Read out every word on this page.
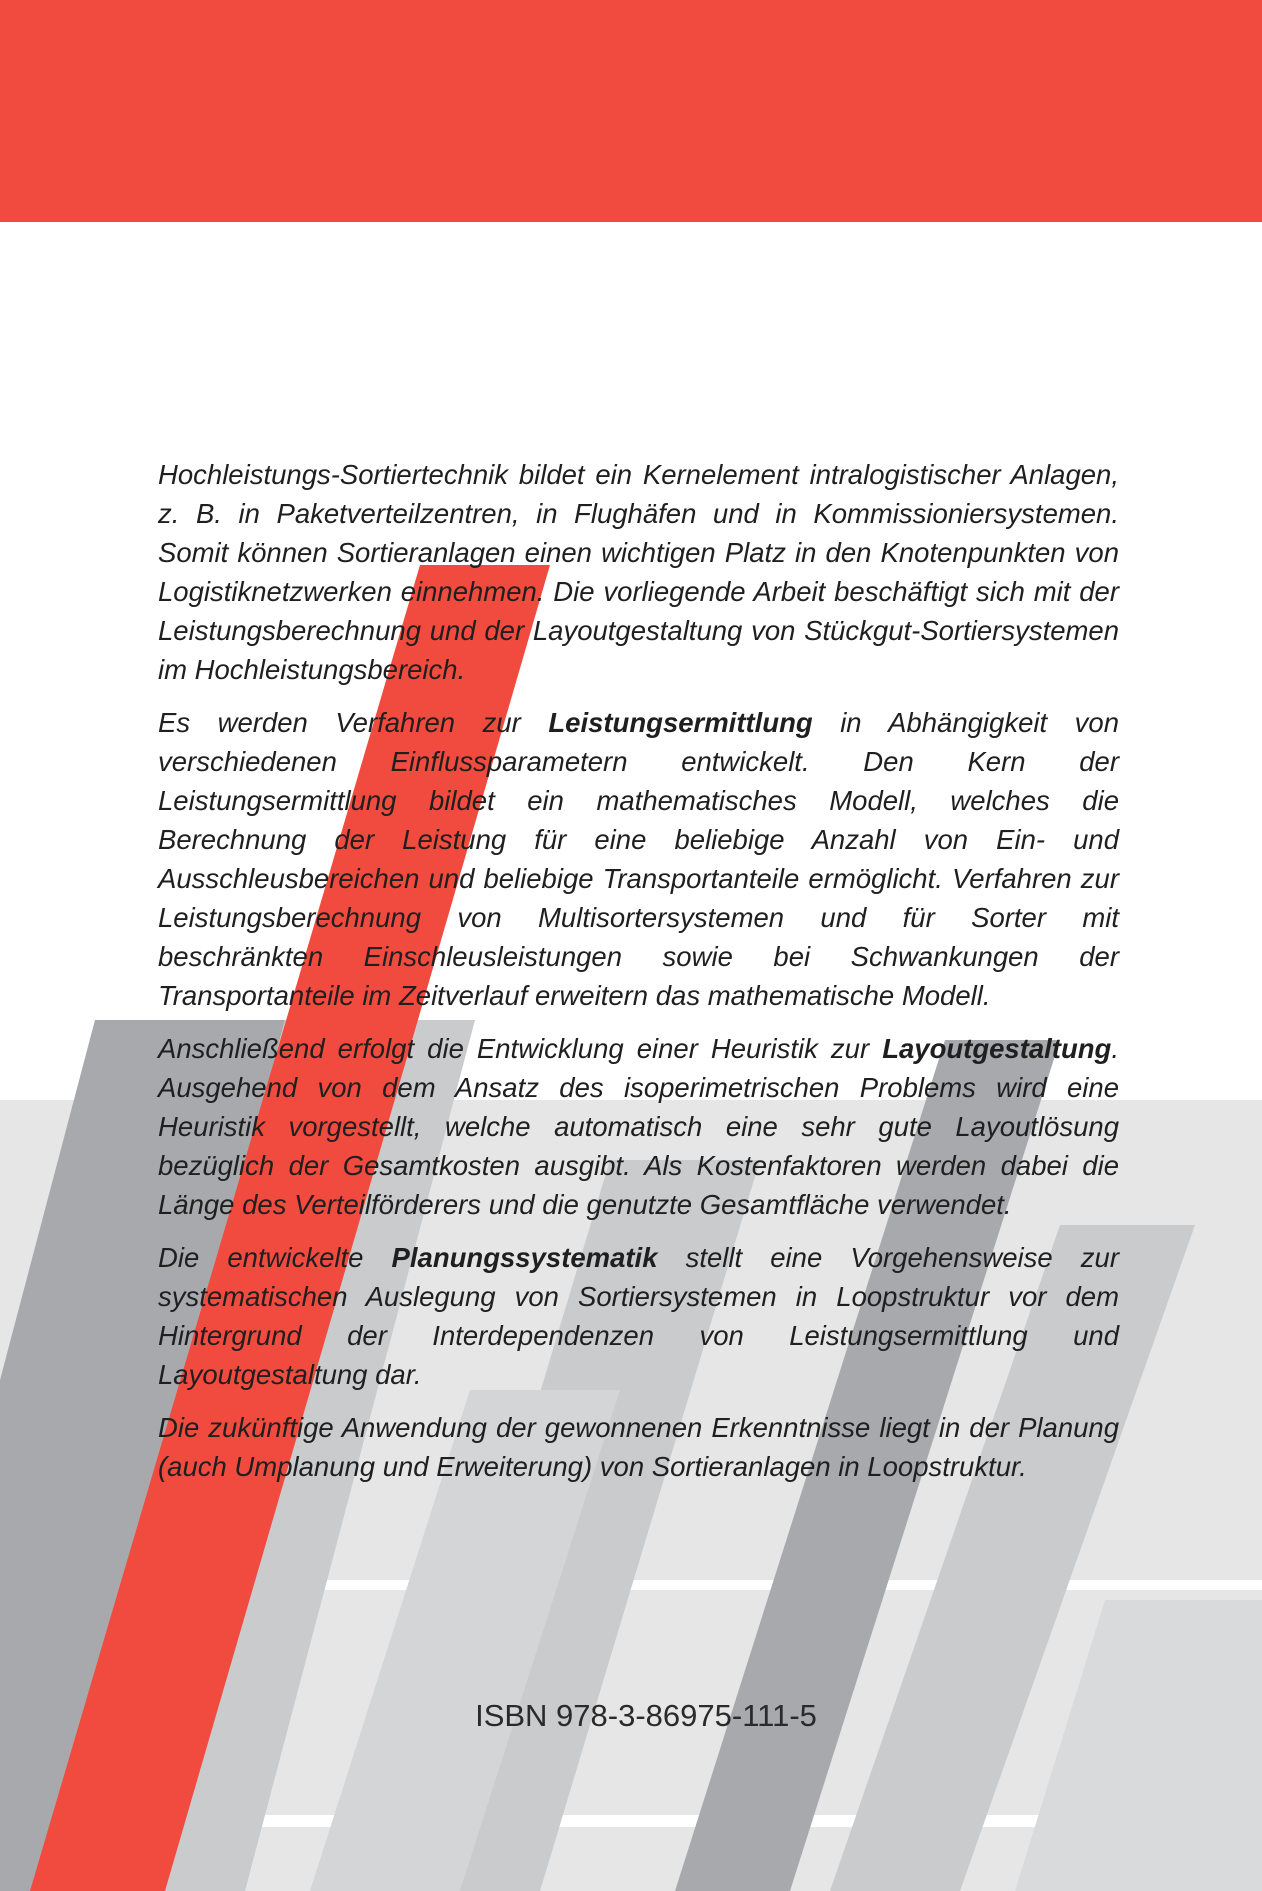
Hochleistungs-Sortiertechnik bildet ein Kernelement intralogistischer Anlagen, z. B. in Paketverteilzentren, in Flughäfen und in Kommissioniersystemen. Somit können Sortieranlagen einen wichtigen Platz in den Knotenpunkten von Logistiknetzwerken einnehmen. Die vorliegende Arbeit beschäftigt sich mit der Leistungsberechnung und der Layoutgestaltung von Stückgut-Sortiersystemen im Hochleistungsbereich.

Es werden Verfahren zur Leistungsermittlung in Abhängigkeit von verschiedenen Einflussparametern entwickelt. Den Kern der Leistungsermittlung bildet ein mathematisches Modell, welches die Berechnung der Leistung für eine beliebige Anzahl von Ein- und Ausschleusbereichen und beliebige Transportanteile ermöglicht. Verfahren zur Leistungsberechnung von Multisortersystemen und für Sorter mit beschränkten Einschleusleistungen sowie bei Schwankungen der Transportanteile im Zeitverlauf erweitern das mathematische Modell.

Anschließend erfolgt die Entwicklung einer Heuristik zur Layoutgestaltung. Ausgehend von dem Ansatz des isoperimetrischen Problems wird eine Heuristik vorgestellt, welche automatisch eine sehr gute Layoutlösung bezüglich der Gesamtkosten ausgibt. Als Kostenfaktoren werden dabei die Länge des Verteilförderers und die genutzte Gesamtfläche verwendet.

Die entwickelte Planungssystematik stellt eine Vorgehensweise zur systematischen Auslegung von Sortiersystemen in Loopstruktur vor dem Hintergrund der Interdependenzen von Leistungsermittlung und Layoutgestaltung dar.

Die zukünftige Anwendung der gewonnenen Erkenntnisse liegt in der Planung (auch Umplanung und Erweiterung) von Sortieranlagen in Loopstruktur.

ISBN 978-3-86975-111-5
